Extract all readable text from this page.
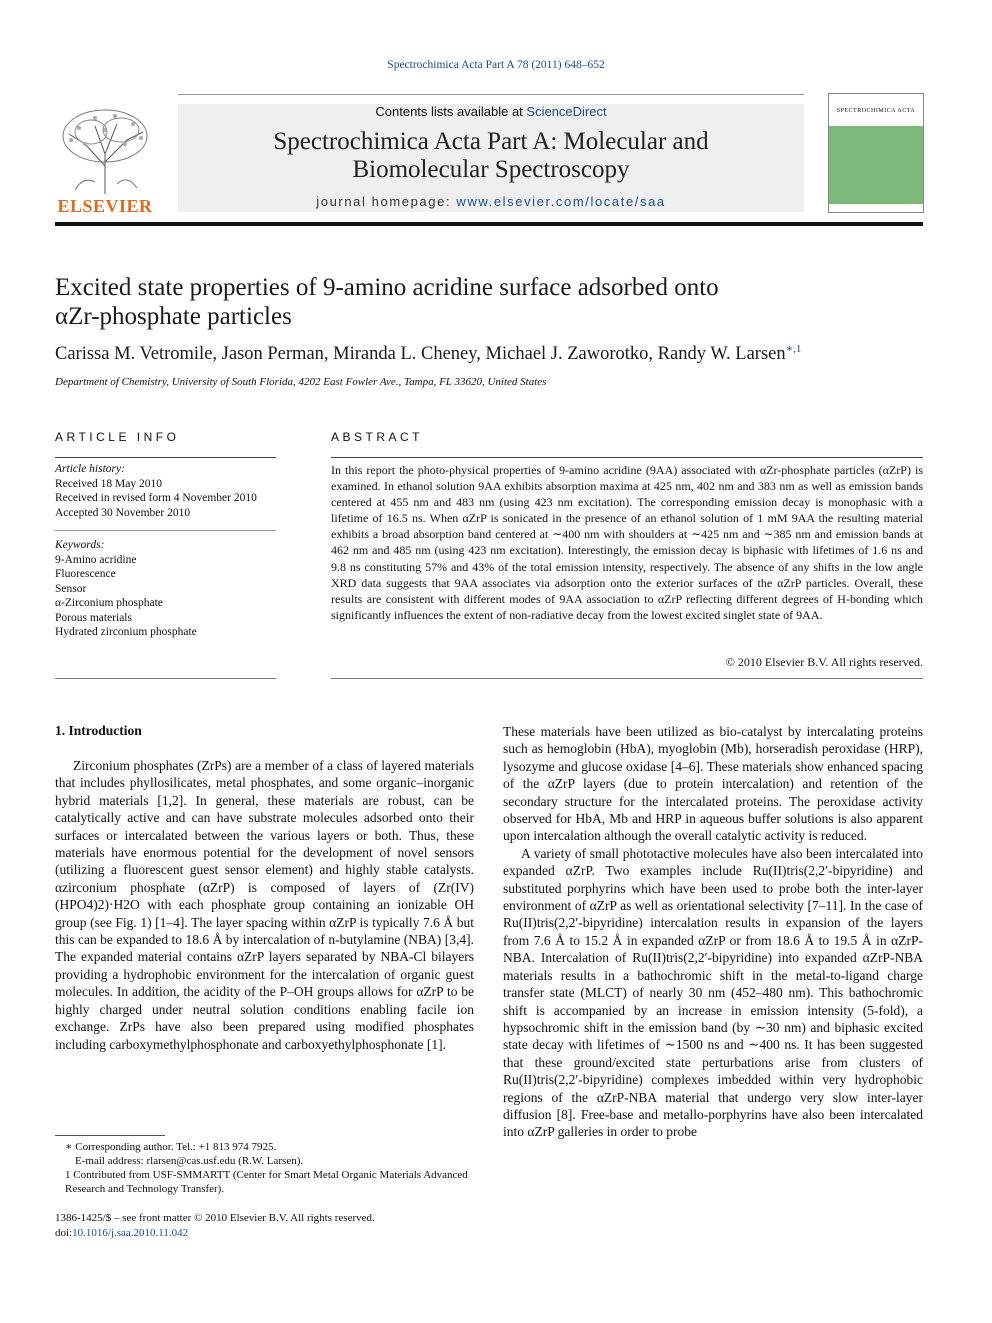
Spectrochimica Acta Part A 78 (2011) 648–652
ELSEVIER
Contents lists available at ScienceDirect
Spectrochimica Acta Part A: Molecular and
Biomolecular Spectroscopy
journal homepage: www.elsevier.com/locate/saa
SPECTROCHIMICA ACTA
Excited state properties of 9-amino acridine surface adsorbed onto
αZr-phosphate particles
Carissa M. Vetromile, Jason Perman, Miranda L. Cheney, Michael J. Zaworotko, Randy W. Larsen$^{∗,1}$
Department of Chemistry, University of South Florida, 4202 East Fowler Ave., Tampa, FL 33620, United States
ARTICLE INFO
Article history:
Received 18 May 2010
Received in revised form 4 November 2010
Accepted 30 November 2010
Keywords:
9-Amino acridine
Fluorescence
Sensor
α-Zirconium phosphate
Porous materials
Hydrated zirconium phosphate
ABSTRACT
In this report the photo-physical properties of 9-amino acridine (9AA) associated with αZr-phosphate particles (αZrP) is examined. In ethanol solution 9AA exhibits absorption maxima at 425 nm, 402 nm and 383 nm as well as emission bands centered at 455 nm and 483 nm (using 423 nm excitation). The corresponding emission decay is monophasic with a lifetime of 16.5 ns. When αZrP is sonicated in the presence of an ethanol solution of 1 mM 9AA the resulting material exhibits a broad absorption band centered at ∼400 nm with shoulders at ∼425 nm and ∼385 nm and emission bands at 462 nm and 485 nm (using 423 nm excitation). Interestingly, the emission decay is biphasic with lifetimes of 1.6 ns and 9.8 ns constituting 57% and 43% of the total emission intensity, respectively. The absence of any shifts in the low angle XRD data suggests that 9AA associates via adsorption onto the exterior surfaces of the αZrP particles. Overall, these results are consistent with different modes of 9AA association to αZrP reflecting different degrees of H-bonding which significantly influences the extent of non-radiative decay from the lowest excited singlet state of 9AA.
© 2010 Elsevier B.V. All rights reserved.
1. Introduction

Zirconium phosphates (ZrPs) are a member of a class of layered materials that includes phyllosilicates, metal phosphates, and some organic–inorganic hybrid materials [1,2]. In general, these materials are robust, can be catalytically active and can have substrate molecules adsorbed onto their surfaces or intercalated between the various layers or both. Thus, these materials have enormous potential for the development of novel sensors (utilizing a fluorescent guest sensor element) and highly stable catalysts. αzirconium phosphate (αZrP) is composed of layers of (Zr(IV)(HPO4)2)·H2O with each phosphate group containing an ionizable OH group (see Fig. 1) [1–4]. The layer spacing within αZrP is typically 7.6 Å but this can be expanded to 18.6 Å by intercalation of n-butylamine (NBA) [3,4]. The expanded material contains αZrP layers separated by NBA-Cl bilayers providing a hydrophobic environment for the intercalation of organic guest molecules. In addition, the acidity of the P–OH groups allows for αZrP to be highly charged under neutral solution conditions enabling facile ion exchange. ZrPs have also been prepared using modified phosphates including carboxymethylphosphonate and carboxyethylphosphonate [1].

These materials have been utilized as bio-catalyst by intercalating proteins such as hemoglobin (HbA), myoglobin (Mb), horseradish peroxidase (HRP), lysozyme and glucose oxidase [4–6]. These materials show enhanced spacing of the αZrP layers (due to protein intercalation) and retention of the secondary structure for the intercalated proteins. The peroxidase activity observed for HbA, Mb and HRP in aqueous buffer solutions is also apparent upon intercalation although the overall catalytic activity is reduced.

A variety of small phototactive molecules have also been intercalated into expanded αZrP. Two examples include Ru(II)tris(2,2′-bipyridine) and substituted porphyrins which have been used to probe both the inter-layer environment of αZrP as well as orientational selectivity [7–11]. In the case of Ru(II)tris(2,2′-bipyridine) intercalation results in expansion of the layers from 7.6 Å to 15.2 Å in expanded αZrP or from 18.6 Å to 19.5 Å in αZrP-NBA. Intercalation of Ru(II)tris(2,2′-bipyridine) into expanded αZrP-NBA materials results in a bathochromic shift in the metal-to-ligand charge transfer state (MLCT) of nearly 30 nm (452–480 nm). This bathochromic shift is accompanied by an increase in emission intensity (5-fold), a hypsochromic shift in the emission band (by ∼30 nm) and biphasic excited state decay with lifetimes of ∼1500 ns and ∼400 ns. It has been suggested that these ground/excited state perturbations arise from clusters of Ru(II)tris(2,2′-bipyridine) complexes imbedded within very hydrophobic regions of the αZrP-NBA material that undergo very slow inter-layer diffusion [8]. Free-base and metallo-porphyrins have also been intercalated into αZrP galleries in order to probe

∗ Corresponding author. Tel.: +1 813 974 7925.

E-mail address: rlarsen@cas.usf.edu (R.W. Larsen).

1 Contributed from USF-SMMARTT (Center for Smart Metal Organic Materials Advanced Research and Technology Transfer).

1386-1425/$ – see front matter © 2010 Elsevier B.V. All rights reserved.
doi:10.1016/j.saa.2010.11.042
